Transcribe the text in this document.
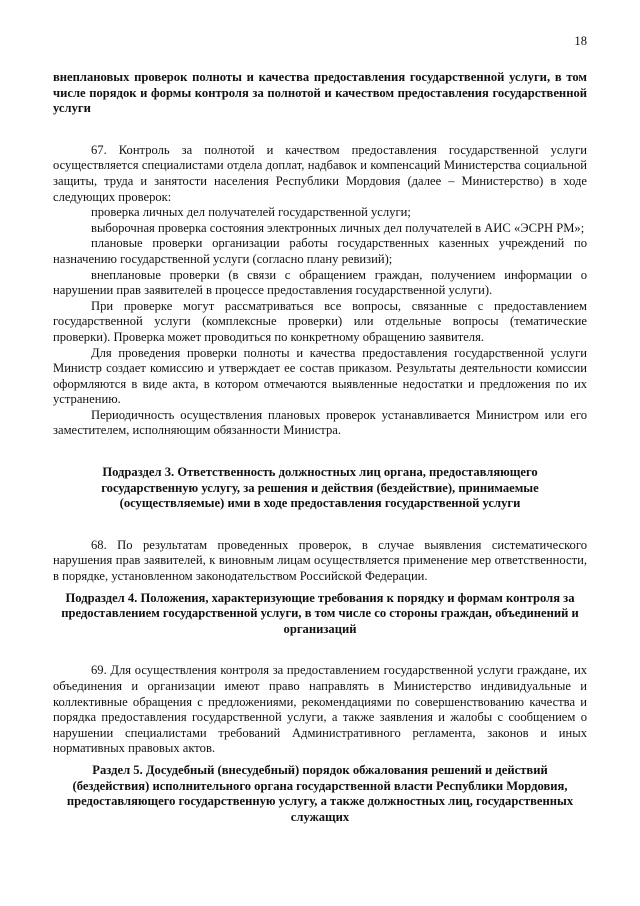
18

внеплановых проверок полноты и качества предоставления государственной услуги, в том числе порядок и формы контроля за полнотой и качеством предоставления государственной услуги

67. Контроль за полнотой и качеством предоставления государственной услуги осуществляется специалистами отдела доплат, надбавок и компенсаций Министерства социальной защиты, труда и занятости населения Республики Мордовия (далее – Министерство) в ходе следующих проверок:

проверка личных дел получателей государственной услуги;

выборочная проверка состояния электронных личных дел получателей в АИС «ЭСРН РМ»;

плановые проверки организации работы государственных казенных учреждений по назначению государственной услуги (согласно плану ревизий);

внеплановые проверки (в связи с обращением граждан, получением информации о нарушении прав заявителей в процессе предоставления государственной услуги).

При проверке могут рассматриваться все вопросы, связанные с предоставлением государственной услуги (комплексные проверки) или отдельные вопросы (тематические проверки). Проверка может проводиться по конкретному обращению заявителя.

Для проведения проверки полноты и качества предоставления государственной услуги Министр создает комиссию и утверждает ее состав приказом. Результаты деятельности комиссии оформляются в виде акта, в котором отмечаются выявленные недостатки и предложения по их устранению.

Периодичность осуществления плановых проверок устанавливается Министром или его заместителем, исполняющим обязанности Министра.

Подраздел 3. Ответственность должностных лиц органа, предоставляющего государственную услугу, за решения и действия (бездействие), принимаемые (осуществляемые) ими в ходе предоставления государственной услуги

68. По результатам проведенных проверок, в случае выявления систематического нарушения прав заявителей, к виновным лицам осуществляется применение мер ответственности, в порядке, установленном законодательством Российской Федерации.

Подраздел 4. Положения, характеризующие требования к порядку и формам контроля за предоставлением государственной услуги, в том числе со стороны граждан, объединений и организаций

69. Для осуществления контроля за предоставлением государственной услуги граждане, их объединения и организации имеют право направлять в Министерство индивидуальные и коллективные обращения с предложениями, рекомендациями по совершенствованию качества и порядка предоставления государственной услуги, а также заявления и жалобы с сообщением о нарушении специалистами требований Административного регламента, законов и иных нормативных правовых актов.

Раздел 5. Досудебный (внесудебный) порядок обжалования решений и действий (бездействия) исполнительного органа государственной власти Республики Мордовия, предоставляющего государственную услугу, а также должностных лиц, государственных служащих
